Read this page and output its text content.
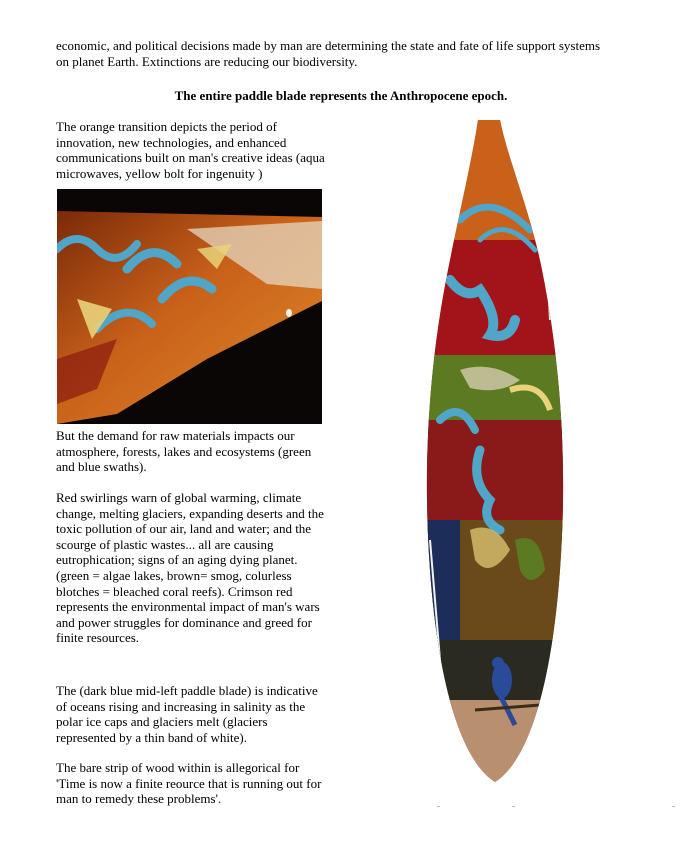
economic, and political decisions made by man are determining the state and fate of life support systems on planet Earth. Extinctions are reducing our biodiversity.

The entire paddle blade represents the Anthropocene epoch.

The orange transition depicts the period of innovation, new technologies, and enhanced communications built on man's creative ideas (aqua microwaves, yellow bolt for ingenuity )

But the demand for raw materials impacts our atmosphere, forests, lakes and ecosystems (green and blue swaths).

Red swirlings warn of global warming, climate change, melting glaciers, expanding deserts and the toxic pollution of our air, land and water; and the scourge of plastic wastes... all are causing eutrophication; signs of an aging dying planet. (green = algae lakes, brown= smog, colurless blotches = bleached coral reefs). Crimson red represents the environmental impact of man's wars and power struggles for dominance and greed for finite resources.

The (dark blue mid-left paddle blade) is indicative of oceans rising and increasing in salinity as the polar ice caps and glaciers melt (glaciers represented by a thin band of white).

The bare strip of wood within is allegorical for 'Time is now a finite reource that is running out for man to remedy these problems'.
